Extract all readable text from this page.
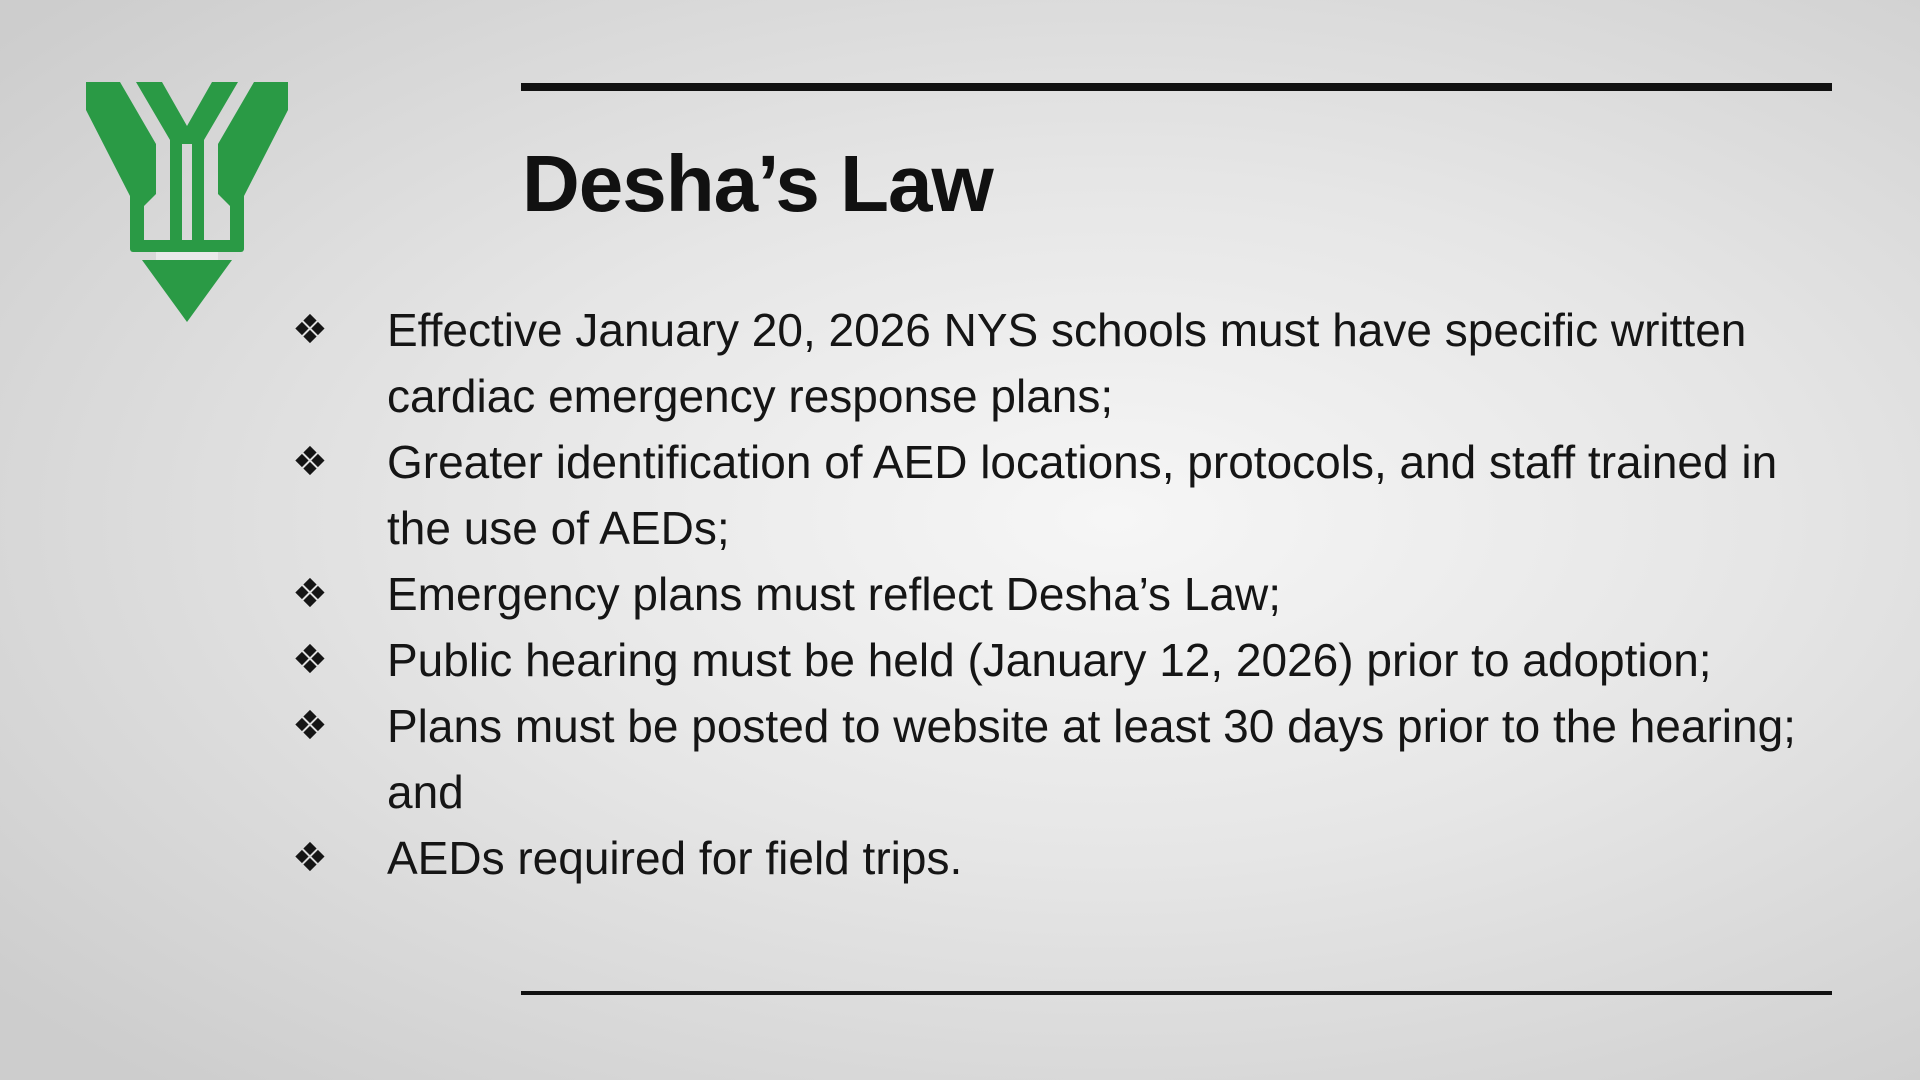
Desha’s Law
❖ Effective January 20, 2026 NYS schools must have specific written cardiac emergency response plans;
❖ Greater identification of AED locations, protocols, and staff trained in the use of AEDs;
❖ Emergency plans must reflect Desha’s Law;
❖ Public hearing must be held (January 12, 2026) prior to adoption;
❖ Plans must be posted to website at least 30 days prior to the hearing; and
❖ AEDs required for field trips.
